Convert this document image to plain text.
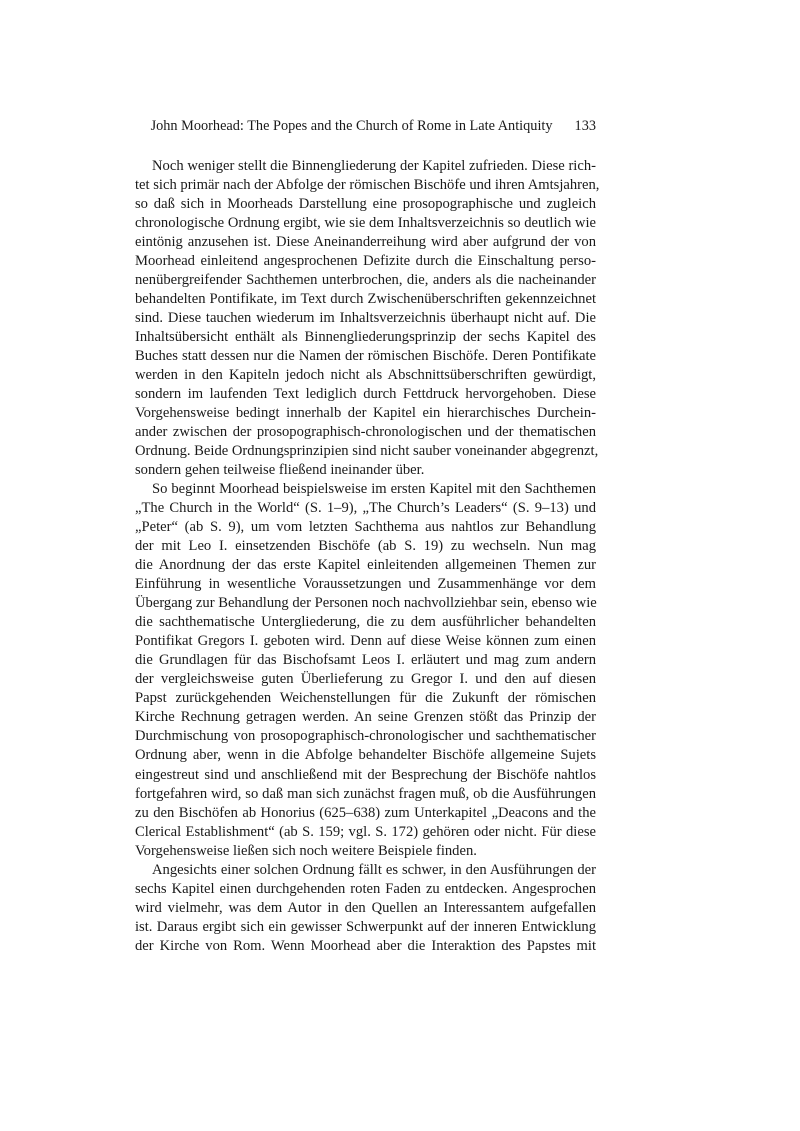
John Moorhead: The Popes and the Church of Rome in Late Antiquity 133
Noch weniger stellt die Binnengliederung der Kapitel zufrieden. Diese rich-
tet sich primär nach der Abfolge der römischen Bischöfe und ihren Amtsjahren,
so daß sich in Moorheads Darstellung eine prosopographische und zugleich
chronologische Ordnung ergibt, wie sie dem Inhaltsverzeichnis so deutlich wie
eintönig anzusehen ist. Diese Aneinanderreihung wird aber aufgrund der von
Moorhead einleitend angesprochenen Defizite durch die Einschaltung perso-
nenübergreifender Sachthemen unterbrochen, die, anders als die nacheinander
behandelten Pontifikate, im Text durch Zwischenüberschriften gekennzeichnet
sind. Diese tauchen wiederum im Inhaltsverzeichnis überhaupt nicht auf. Die
Inhaltsübersicht enthält als Binnengliederungsprinzip der sechs Kapitel des
Buches statt dessen nur die Namen der römischen Bischöfe. Deren Pontifikate
werden in den Kapiteln jedoch nicht als Abschnittsüberschriften gewürdigt,
sondern im laufenden Text lediglich durch Fettdruck hervorgehoben. Diese
Vorgehensweise bedingt innerhalb der Kapitel ein hierarchisches Durchein-
ander zwischen der prosopographisch-chronologischen und der thematischen
Ordnung. Beide Ordnungsprinzipien sind nicht sauber voneinander abgegrenzt,
sondern gehen teilweise fließend ineinander über.
So beginnt Moorhead beispielsweise im ersten Kapitel mit den Sachthemen
„The Church in the World“ (S. 1–9), „The Church’s Leaders“ (S. 9–13) und
„Peter“ (ab S. 9), um vom letzten Sachthema aus nahtlos zur Behandlung
der mit Leo I. einsetzenden Bischöfe (ab S. 19) zu wechseln. Nun mag
die Anordnung der das erste Kapitel einleitenden allgemeinen Themen zur
Einführung in wesentliche Voraussetzungen und Zusammenhänge vor dem
Übergang zur Behandlung der Personen noch nachvollziehbar sein, ebenso wie
die sachthematische Untergliederung, die zu dem ausführlicher behandelten
Pontifikat Gregors I. geboten wird. Denn auf diese Weise können zum einen
die Grundlagen für das Bischofsamt Leos I. erläutert und mag zum andern
der vergleichsweise guten Überlieferung zu Gregor I. und den auf diesen
Papst zurückgehenden Weichenstellungen für die Zukunft der römischen
Kirche Rechnung getragen werden. An seine Grenzen stößt das Prinzip der
Durchmischung von prosopographisch-chronologischer und sachthematischer
Ordnung aber, wenn in die Abfolge behandelter Bischöfe allgemeine Sujets
eingestreut sind und anschließend mit der Besprechung der Bischöfe nahtlos
fortgefahren wird, so daß man sich zunächst fragen muß, ob die Ausführungen
zu den Bischöfen ab Honorius (625–638) zum Unterkapitel „Deacons and the
Clerical Establishment“ (ab S. 159; vgl. S. 172) gehören oder nicht. Für diese
Vorgehensweise ließen sich noch weitere Beispiele finden.
Angesichts einer solchen Ordnung fällt es schwer, in den Ausführungen der
sechs Kapitel einen durchgehenden roten Faden zu entdecken. Angesprochen
wird vielmehr, was dem Autor in den Quellen an Interessantem aufgefallen
ist. Daraus ergibt sich ein gewisser Schwerpunkt auf der inneren Entwicklung
der Kirche von Rom. Wenn Moorhead aber die Interaktion des Papstes mit
